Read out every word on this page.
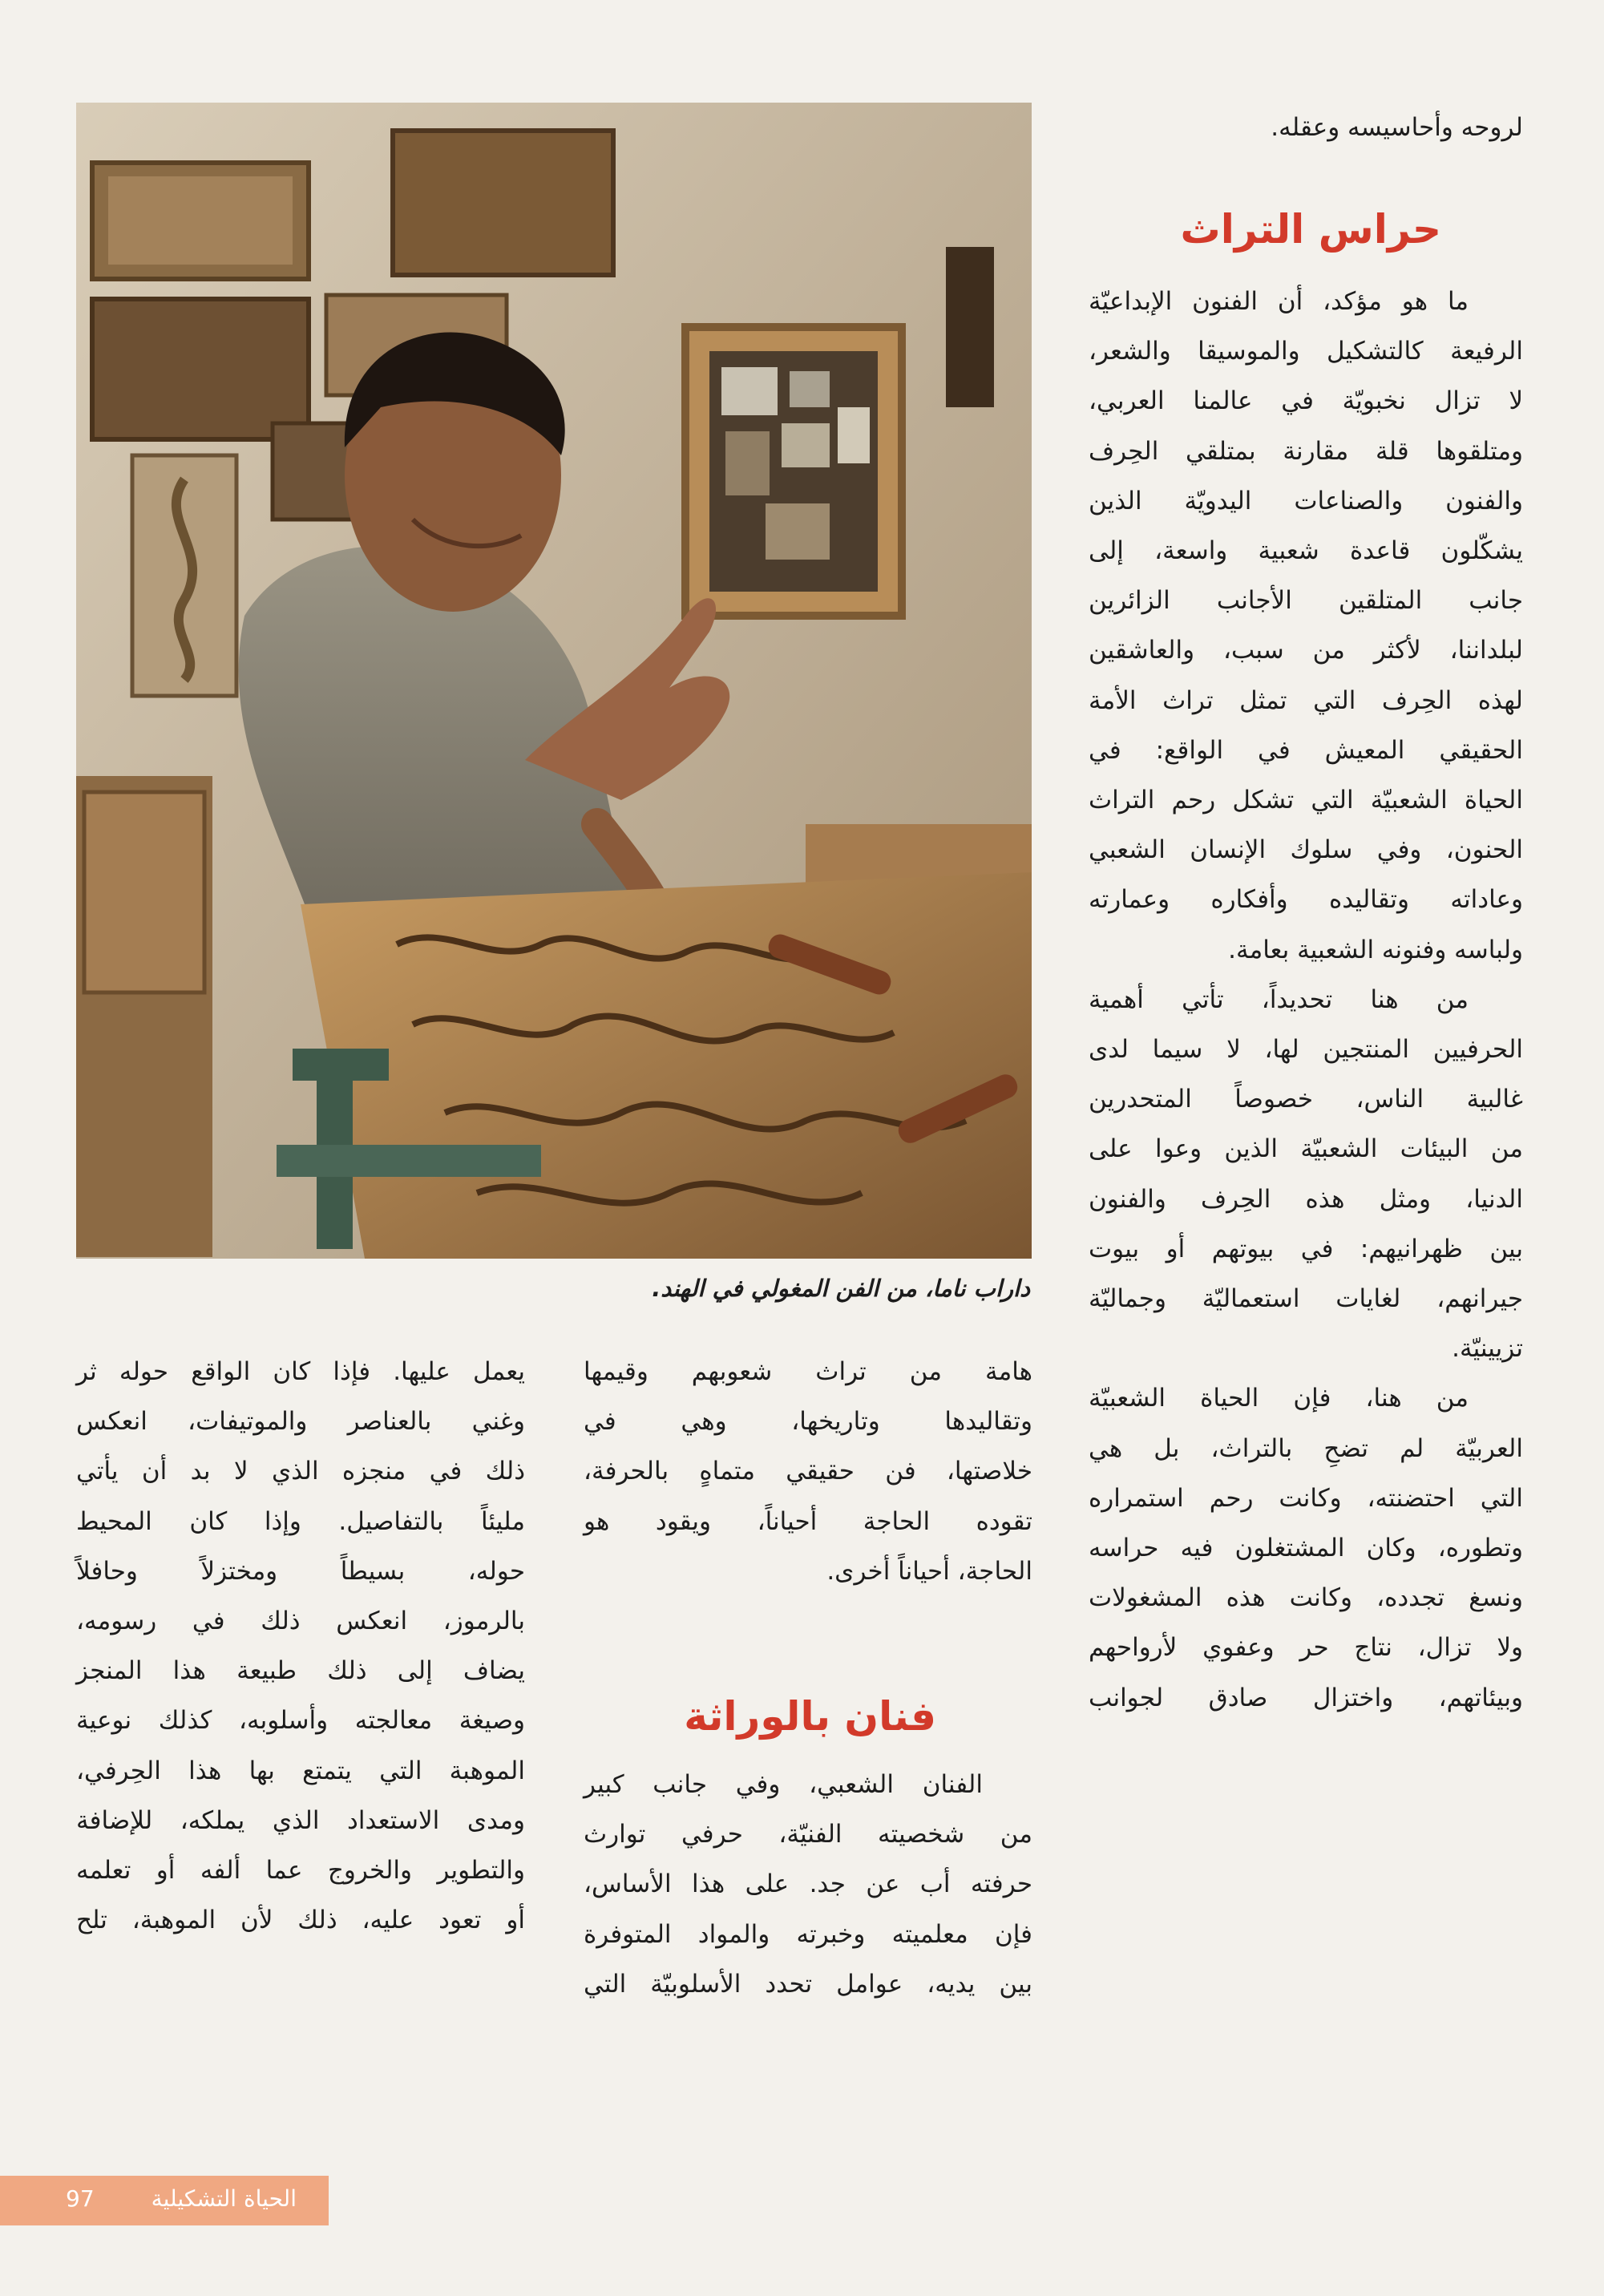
لروحه وأحاسيسه وعقله.
حراس التراث

ما هو مؤكد، أن الفنون الإبداعيّة
الرفيعة كالتشكيل والموسيقا والشعر،
لا تزال نخبويّة في عالمنا العربي،
ومتلقوها قلة مقارنة بمتلقي الحِرف
والفنون والصناعات اليدويّة الذين
يشكّلون قاعدة شعبية واسعة، إلى
جانب المتلقين الأجانب الزائرين
لبلداننا، لأكثر من سبب، والعاشقين
لهذه الحِرف التي تمثل تراث الأمة
الحقيقي المعيش في الواقع: في
الحياة الشعبيّة التي تشكل رحم التراث
الحنون، وفي سلوك الإنسان الشعبي
وعاداته وتقاليده وأفكاره وعمارته
ولباسه وفنونه الشعبية بعامة.

من هنا تحديداً، تأتي أهمية
الحرفيين المنتجين لها، لا سيما لدى
غالبية الناس، خصوصاً المتحدرين
من البيئات الشعبيّة الذين وعوا على
الدنيا، ومثل هذه الحِرف والفنون
بين ظهرانيهم: في بيوتهم أو بيوت
جيرانهم، لغايات استعماليّة وجماليّة
تزيينيّة.

من هنا، فإن الحياة الشعبيّة
العربيّة لم تضحِ بالتراث، بل هي
التي احتضنته، وكانت رحم استمراره
وتطوره، وكان المشتغلون فيه حراسه
ونسغ تجدده، وكانت هذه المشغولات
ولا تزال، نتاج حر وعفوي لأرواحهم
وبيئاتهم، واختزال صادق لجوانب

داراب ناما، من الفن المغولي في الهند.

هامة من تراث شعوبهم وقيمها
وتقاليدها وتاريخها، وهي في
خلاصتها، فن حقيقي متماهٍ بالحرفة،
تقوده الحاجة أحياناً، ويقود هو
الحاجة، أحياناً أخرى.

فنان بالوراثة

الفنان الشعبي، وفي جانب كبير
من شخصيته الفنيّة، حرفي توارث
حرفته أب عن جد. على هذا الأساس،
فإن معلميته وخبرته والمواد المتوفرة
بين يديه، عوامل تحدد الأسلوبيّة التي

يعمل عليها. فإذا كان الواقع حوله ثر
وغني بالعناصر والموتيفات، انعكس
ذلك في منجزه الذي لا بد أن يأتي
مليئاً بالتفاصيل. وإذا كان المحيط
حوله، بسيطاً ومختزلاً وحافلاً
بالرموز، انعكس ذلك في رسومه،
يضاف إلى ذلك طبيعة هذا المنجز
وصيغة معالجته وأسلوبه، كذلك نوعية
الموهبة التي يتمتع بها هذا الحِرفي،
ومدى الاستعداد الذي يملكه، للإضافة
والتطوير والخروج عما ألفه أو تعلمه
أو تعود عليه، ذلك لأن الموهبة، تلح

الحياة التشكيلية
97
